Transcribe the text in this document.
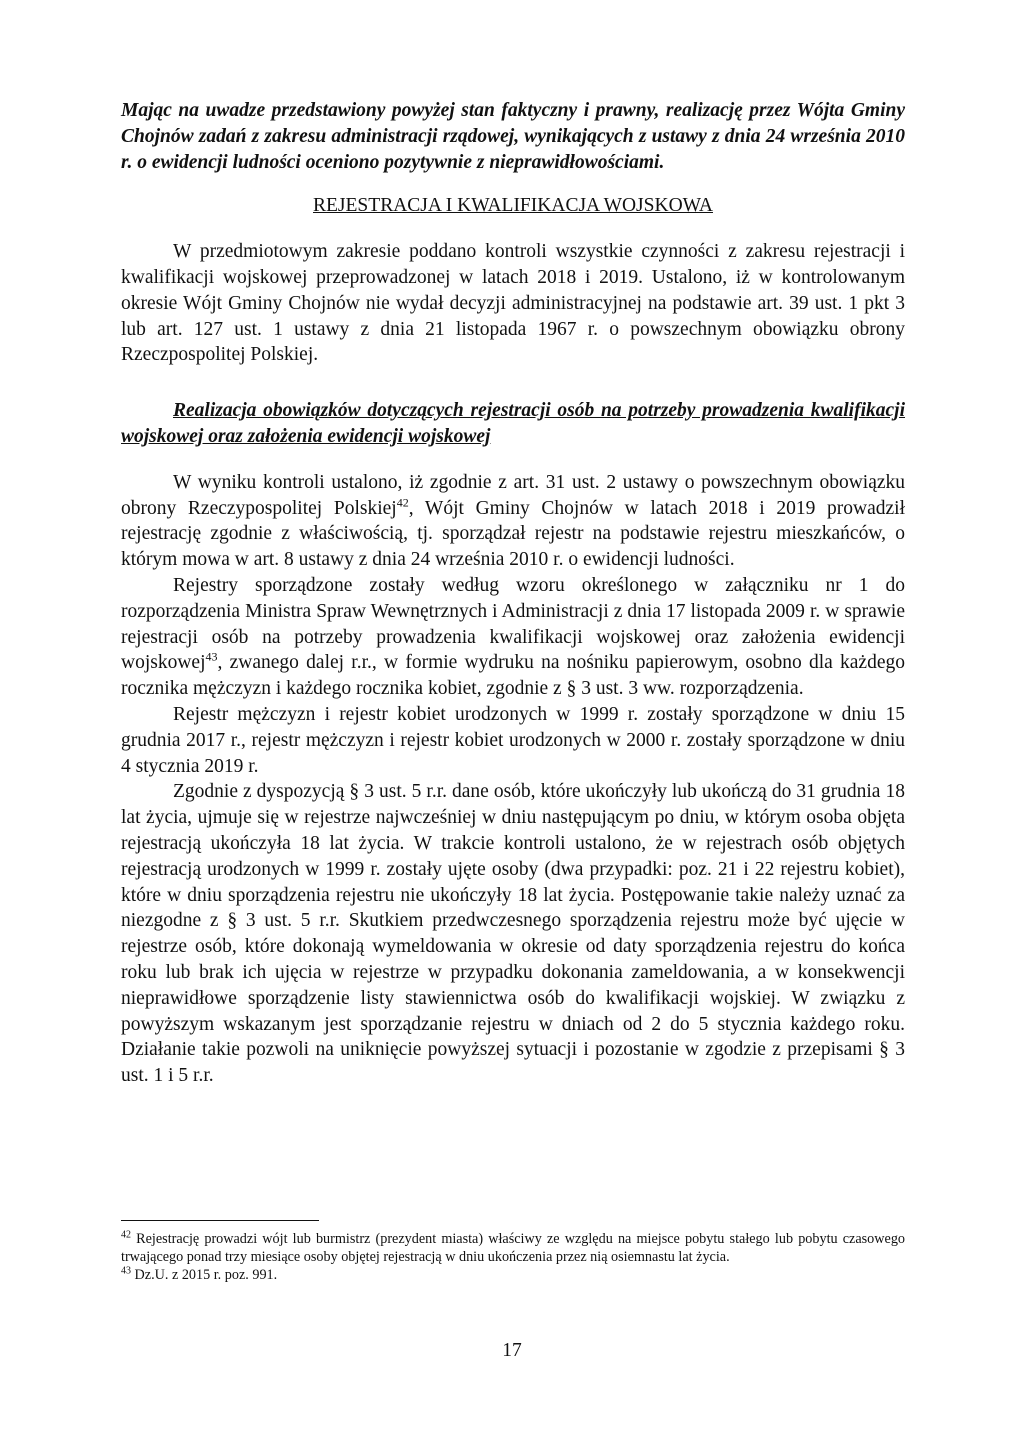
Mając na uwadze przedstawiony powyżej stan faktyczny i prawny, realizację przez Wójta Gminy Chojnów zadań z zakresu administracji rządowej, wynikających z ustawy z dnia 24 września 2010 r. o ewidencji ludności oceniono pozytywnie z nieprawidłowościami.

REJESTRACJA I KWALIFIKACJA WOJSKOWA

W przedmiotowym zakresie poddano kontroli wszystkie czynności z zakresu rejestracji i kwalifikacji wojskowej przeprowadzonej w latach 2018 i 2019. Ustalono, iż w kontrolowanym okresie Wójt Gminy Chojnów nie wydał decyzji administracyjnej na podstawie art. 39 ust. 1 pkt 3 lub art. 127 ust. 1 ustawy z dnia 21 listopada 1967 r. o powszechnym obowiązku obrony Rzeczpospolitej Polskiej.

Realizacja obowiązków dotyczących rejestracji osób na potrzeby prowadzenia kwalifikacji wojskowej oraz założenia ewidencji wojskowej

W wyniku kontroli ustalono, iż zgodnie z art. 31 ust. 2 ustawy o powszechnym obowiązku obrony Rzeczypospolitej Polskiej$^{42}$, Wójt Gminy Chojnów w latach 2018 i 2019 prowadził rejestrację zgodnie z właściwością, tj. sporządzał rejestr na podstawie rejestru mieszkańców, o którym mowa w art. 8 ustawy z dnia 24 września 2010 r. o ewidencji ludności.

Rejestry sporządzone zostały według wzoru określonego w załączniku nr 1 do rozporządzenia Ministra Spraw Wewnętrznych i Administracji z dnia 17 listopada 2009 r. w sprawie rejestracji osób na potrzeby prowadzenia kwalifikacji wojskowej oraz założenia ewidencji wojskowej$^{43}$, zwanego dalej r.r., w formie wydruku na nośniku papierowym, osobno dla każdego rocznika mężczyzn i każdego rocznika kobiet, zgodnie z § 3 ust. 3 ww. rozporządzenia.

Rejestr mężczyzn i rejestr kobiet urodzonych w 1999 r. zostały sporządzone w dniu 15 grudnia 2017 r., rejestr mężczyzn i rejestr kobiet urodzonych w 2000 r. zostały sporządzone w dniu 4 stycznia 2019 r.

Zgodnie z dyspozycją § 3 ust. 5 r.r. dane osób, które ukończyły lub ukończą do 31 grudnia 18 lat życia, ujmuje się w rejestrze najwcześniej w dniu następującym po dniu, w którym osoba objęta rejestracją ukończyła 18 lat życia. W trakcie kontroli ustalono, że w rejestrach osób objętych rejestracją urodzonych w 1999 r. zostały ujęte osoby (dwa przypadki: poz. 21 i 22 rejestru kobiet), które w dniu sporządzenia rejestru nie ukończyły 18 lat życia. Postępowanie takie należy uznać za niezgodne z § 3 ust. 5 r.r. Skutkiem przedwczesnego sporządzenia rejestru może być ujęcie w rejestrze osób, które dokonają wymeldowania w okresie od daty sporządzenia rejestru do końca roku lub brak ich ujęcia w rejestrze w przypadku dokonania zameldowania, a w konsekwencji nieprawidłowe sporządzenie listy stawiennictwa osób do kwalifikacji wojskiej. W związku z powyższym wskazanym jest sporządzanie rejestru w dniach od 2 do 5 stycznia każdego roku. Działanie takie pozwoli na uniknięcie powyższej sytuacji i pozostanie w zgodzie z przepisami § 3 ust. 1 i 5 r.r.

$^{42}$ Rejestrację prowadzi wójt lub burmistrz (prezydent miasta) właściwy ze względu na miejsce pobytu stałego lub pobytu czasowego trwającego ponad trzy miesiące osoby objętej rejestracją w dniu ukończenia przez nią osiemnastu lat życia.

$^{43}$ Dz.U. z 2015 r. poz. 991.

17
